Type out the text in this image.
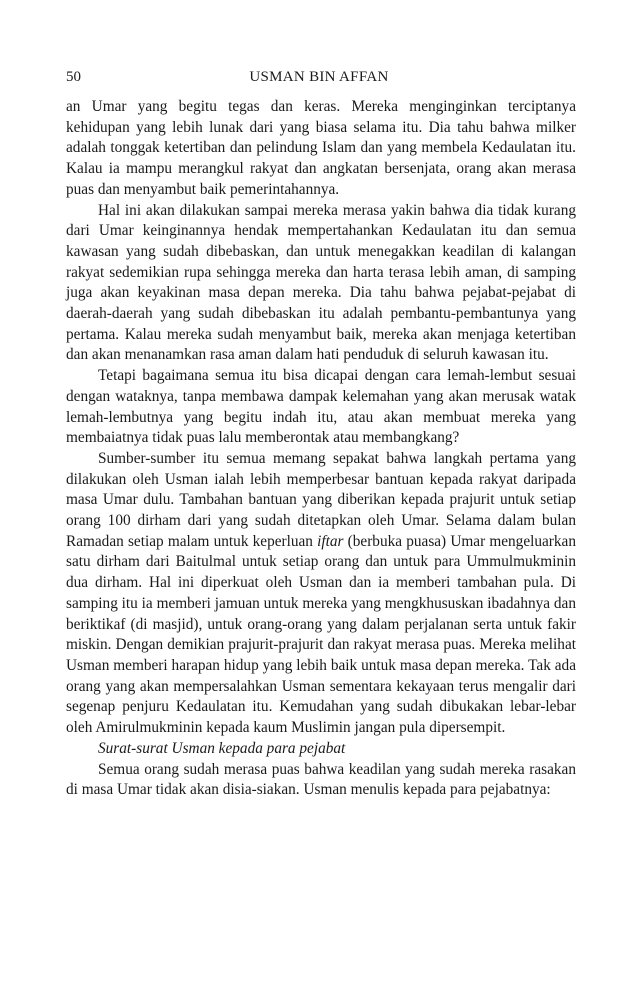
50	USMAN BIN AFFAN

an Umar yang begitu tegas dan keras. Mereka menginginkan terciptanya kehidupan yang lebih lunak dari yang biasa selama itu. Dia tahu bahwa milker adalah tonggak ketertiban dan pelindung Islam dan yang membela Kedaulatan itu. Kalau ia mampu merangkul rakyat dan angkatan bersenjata, orang akan merasa puas dan menyambut baik pemerintahannya.

Hal ini akan dilakukan sampai mereka merasa yakin bahwa dia tidak kurang dari Umar keinginannya hendak mempertahankan Kedaulatan itu dan semua kawasan yang sudah dibebaskan, dan untuk menegakkan keadilan di kalangan rakyat sedemikian rupa sehingga mereka dan harta terasa lebih aman, di samping juga akan keyakinan masa depan mereka. Dia tahu bahwa pejabat-pejabat di daerah-daerah yang sudah dibebaskan itu adalah pembantu-pembantunya yang pertama. Kalau mereka sudah menyambut baik, mereka akan menjaga ketertiban dan akan menanamkan rasa aman dalam hati penduduk di seluruh kawasan itu.

Tetapi bagaimana semua itu bisa dicapai dengan cara lemah-lembut sesuai dengan wataknya, tanpa membawa dampak kelemahan yang akan merusak watak lemah-lembutnya yang begitu indah itu, atau akan membuat mereka yang membaiatnya tidak puas lalu memberontak atau membangkang?

Sumber-sumber itu semua memang sepakat bahwa langkah pertama yang dilakukan oleh Usman ialah lebih memperbesar bantuan kepada rakyat daripada masa Umar dulu. Tambahan bantuan yang diberikan kepada prajurit untuk setiap orang 100 dirham dari yang sudah ditetapkan oleh Umar. Selama dalam bulan Ramadan setiap malam untuk keperluan iftar (berbuka puasa) Umar mengeluarkan satu dirham dari Baitulmal untuk setiap orang dan untuk para Ummulmukminin dua dirham. Hal ini diperkuat oleh Usman dan ia memberi tambahan pula. Di samping itu ia memberi jamuan untuk mereka yang mengkhususkan ibadahnya dan beriktikaf (di masjid), untuk orang-orang yang dalam perjalanan serta untuk fakir miskin. Dengan demikian prajurit-prajurit dan rakyat merasa puas. Mereka melihat Usman memberi harapan hidup yang lebih baik untuk masa depan mereka. Tak ada orang yang akan mempersalahkan Usman sementara kekayaan terus mengalir dari segenap penjuru Kedaulatan itu. Kemudahan yang sudah dibukakan lebar-lebar oleh Amirulmukminin kepada kaum Muslimin jangan pula dipersempit.

Surat-surat Usman kepada para pejabat

Semua orang sudah merasa puas bahwa keadilan yang sudah mereka rasakan di masa Umar tidak akan disia-siakan. Usman menulis kepada para pejabatnya:
